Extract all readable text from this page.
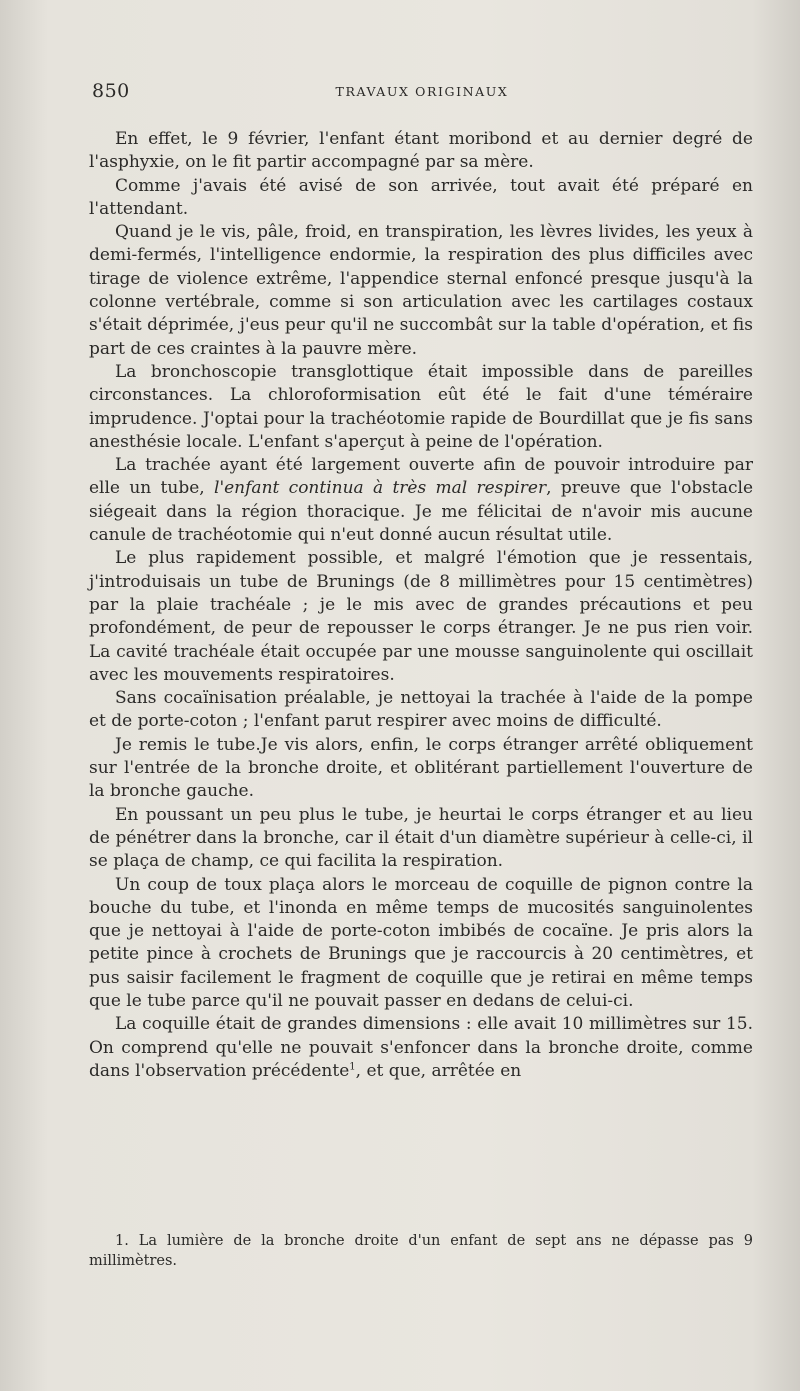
850	TRAVAUX ORIGINAUX

En effet, le 9 février, l'enfant étant moribond et au dernier degré de l'asphyxie, on le fit partir accompagné par sa mère.

Comme j'avais été avisé de son arrivée, tout avait été préparé en l'attendant.

Quand je le vis, pâle, froid, en transpiration, les lèvres livides, les yeux à demi-fermés, l'intelligence endormie, la respiration des plus difficiles avec tirage de violence extrême, l'appendice sternal enfoncé presque jusqu'à la colonne vertébrale, comme si son articulation avec les cartilages costaux s'était déprimée, j'eus peur qu'il ne succombât sur la table d'opération, et fis part de ces craintes à la pauvre mère.

La bronchoscopie transglottique était impossible dans de pareilles circonstances. La chloroformisation eût été le fait d'une téméraire imprudence. J'optai pour la trachéotomie rapide de Bourdillat que je fis sans anesthésie locale. L'enfant s'aperçut à peine de l'opération.

La trachée ayant été largement ouverte afin de pouvoir introduire par elle un tube, l'enfant continua à très mal respirer, preuve que l'obstacle siégeait dans la région thoracique. Je me félicitai de n'avoir mis aucune canule de trachéotomie qui n'eut donné aucun résultat utile.

Le plus rapidement possible, et malgré l'émotion que je ressentais, j'introduisais un tube de Brunings (de 8 millimètres pour 15 centimètres) par la plaie trachéale ; je le mis avec de grandes précautions et peu profondément, de peur de repousser le corps étranger. Je ne pus rien voir. La cavité trachéale était occupée par une mousse sanguinolente qui oscillait avec les mouvements respiratoires.

Sans cocaïnisation préalable, je nettoyai la trachée à l'aide de la pompe et de porte-coton ; l'enfant parut respirer avec moins de difficulté.

Je remis le tube.Je vis alors, enfin, le corps étranger arrêté obliquement sur l'entrée de la bronche droite, et oblitérant partiellement l'ouverture de la bronche gauche.

En poussant un peu plus le tube, je heurtai le corps étranger et au lieu de pénétrer dans la bronche, car il était d'un diamètre supérieur à celle-ci, il se plaça de champ, ce qui facilita la respiration.

Un coup de toux plaça alors le morceau de coquille de pignon contre la bouche du tube, et l'inonda en même temps de mucosités sanguinolentes que je nettoyai à l'aide de porte-coton imbibés de cocaïne. Je pris alors la petite pince à crochets de Brunings que je raccourcis à 20 centimètres, et pus saisir facilement le fragment de coquille que je retirai en même temps que le tube parce qu'il ne pouvait passer en dedans de celui-ci.

La coquille était de grandes dimensions : elle avait 10 millimètres sur 15. On comprend qu'elle ne pouvait s'enfoncer dans la bronche droite, comme dans l'observation précédente$^1$, et que, arrêtée en

1. La lumière de la bronche droite d'un enfant de sept ans ne dépasse pas 9 millimètres.
